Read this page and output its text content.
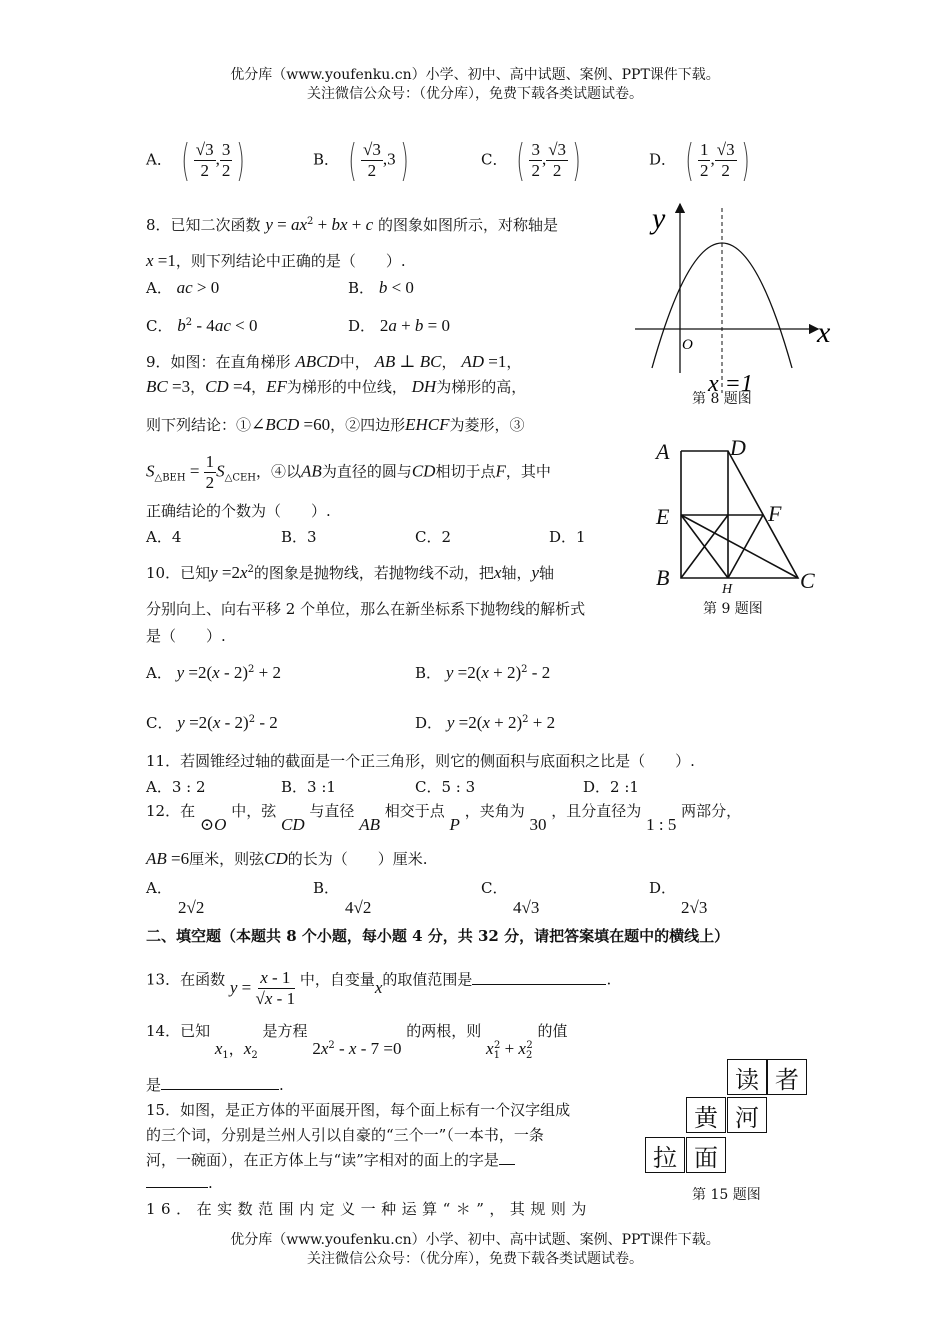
优分库（www.youfenku.cn）小学、初中、高中试题、案例、PPT课件下载。
关注微信公众号：（优分库），免费下载各类试题试卷。
A． ( $\frac{√3}{2}$ , $\frac{3}{2}$ )	B． ( $\frac{√3}{2} ,3$)	C． ( $\frac{3}{2}$ , $\frac{√3}{2}$ )	D． ( $\frac{1}{2}$ , $\frac{√3}{2}$ )
8．已知二次函数 $y = ax^2$ + bx + c 的图象如图所示，对称轴是
x =1，则下列结论中正确的是（　　）.
A． ac > 0	B． b < 0
C． $b^2 - 4ac < 0$	D． 2a + b = 0
y
x
O
x =1
第 8 题图
9．如图：在直角梯形 ABCD中， AB ⊥ BC， AD =1，
BC =3，CD =4，EF为梯形的中位线， DH为梯形的高，
则下列结论：①∠BCD =60，②四边形EHCF为菱形，③
$S_{\triangle BEH} = \frac{1}{2} S_{\triangle CEH}$，④以AB为直径的圆与CD相切于点F，其中
正确结论的个数为（　　）.
A．4	B．3	C．2	D．1
A	D
E	F
B	C
H
第 9 题图
10．已知$y =2x^2$的图象是抛物线，若抛物线不动，把x轴，y轴
分别向上、向右平移 2 个单位，那么在新坐标系下抛物线的解析式
是（　　）.
A． y =2(x - 2)$^2$ + 2	B． $y =2(x + 2)^2 - 2$
C． y =2(x - 2)$^2$ - 2	D． $y =2(x + 2)^2 + 2$
11．若圆锥经过轴的截面是一个正三角形，则它的侧面积与底面积之比是（　　）.
A．3 : 2	B．3 :1	C．5 : 3	D．2 :1
12．在 ⊙O 中，弦 CD 与直径 AB 相交于点 P ，夹角为 30 ，且分直径为 1 : 5 两部分，
AB =6厘米，则弦CD的长为（　　）厘米.
A．
2√2
B．
4√2
C．
4√3
D．
2√3
二、填空题（本题共 8 个小题，每小题 4 分，共 32 分，请把答案填在题中的横线上）
13．在函数 $y = \frac{x - 1}{√x - 1}$ 中，自变量x的取值范围是	.
14．已知 $x_1$，$x_2$ 是方程 $2x^2 - x - 7 =0$ 的两根，则 $x_1^2 + x_2^2$ 的值
是	.
15．如图，是正方体的平面展开图，每个面上标有一个汉字组成
的三个词，分别是兰州人引以自豪的“三个一”（一本书，一条
河，一碗面），在正方体上与“读”字相对的面上的字是
.
读 者
黄 河
拉 面
第 15 题图
16．在实数范围内定义一种运算“＊”，其规则为
优分库（www.youfenku.cn）小学、初中、高中试题、案例、PPT课件下载。
关注微信公众号：（优分库），免费下载各类试题试卷。
